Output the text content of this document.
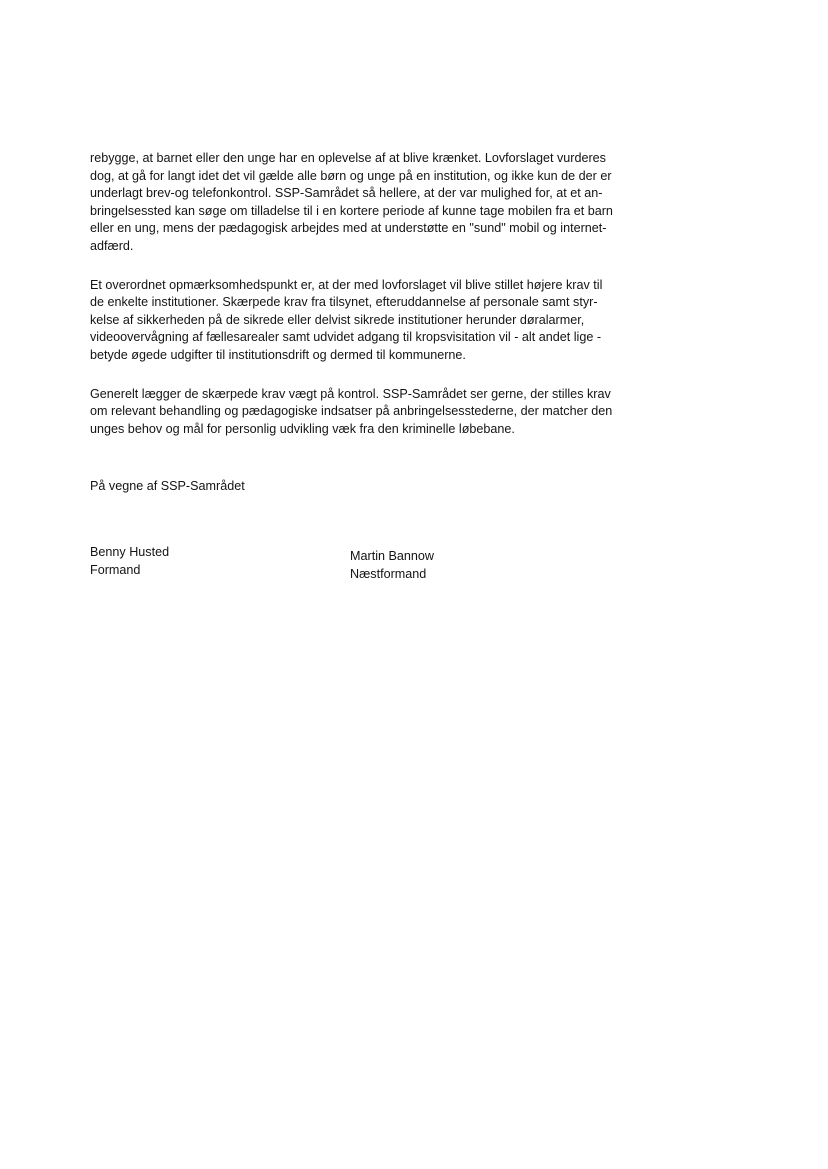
rebygge, at barnet eller den unge har en oplevelse af at blive krænket. Lovforslaget vurderes
dog, at gå for langt idet det vil gælde alle børn og unge på en institution, og ikke kun de der er
underlagt brev-og telefonkontrol. SSP-Samrådet så hellere, at der var mulighed for, at et an-
bringelsessted kan søge om tilladelse til i en kortere periode af kunne tage mobilen fra et barn
eller en ung, mens der pædagogisk arbejdes med at understøtte en "sund" mobil og internet-
adfærd.

Et overordnet opmærksomhedspunkt er, at der med lovforslaget vil blive stillet højere krav til
de enkelte institutioner. Skærpede krav fra tilsynet, efteruddannelse af personale samt styr-
kelse af sikkerheden på de sikrede eller delvist sikrede institutioner herunder døralarmer,
videoovervågning af fællesarealer samt udvidet adgang til kropsvisitation vil - alt andet lige -
betyde øgede udgifter til institutionsdrift og dermed til kommunerne.

Generelt lægger de skærpede krav vægt på kontrol. SSP-Samrådet ser gerne, der stilles krav
om relevant behandling og pædagogiske indsatser på anbringelsesstederne, der matcher den
unges behov og mål for personlig udvikling væk fra den kriminelle løbebane.

På vegne af SSP-Samrådet
Benny Husted
Formand
Martin Bannow
Næstformand
